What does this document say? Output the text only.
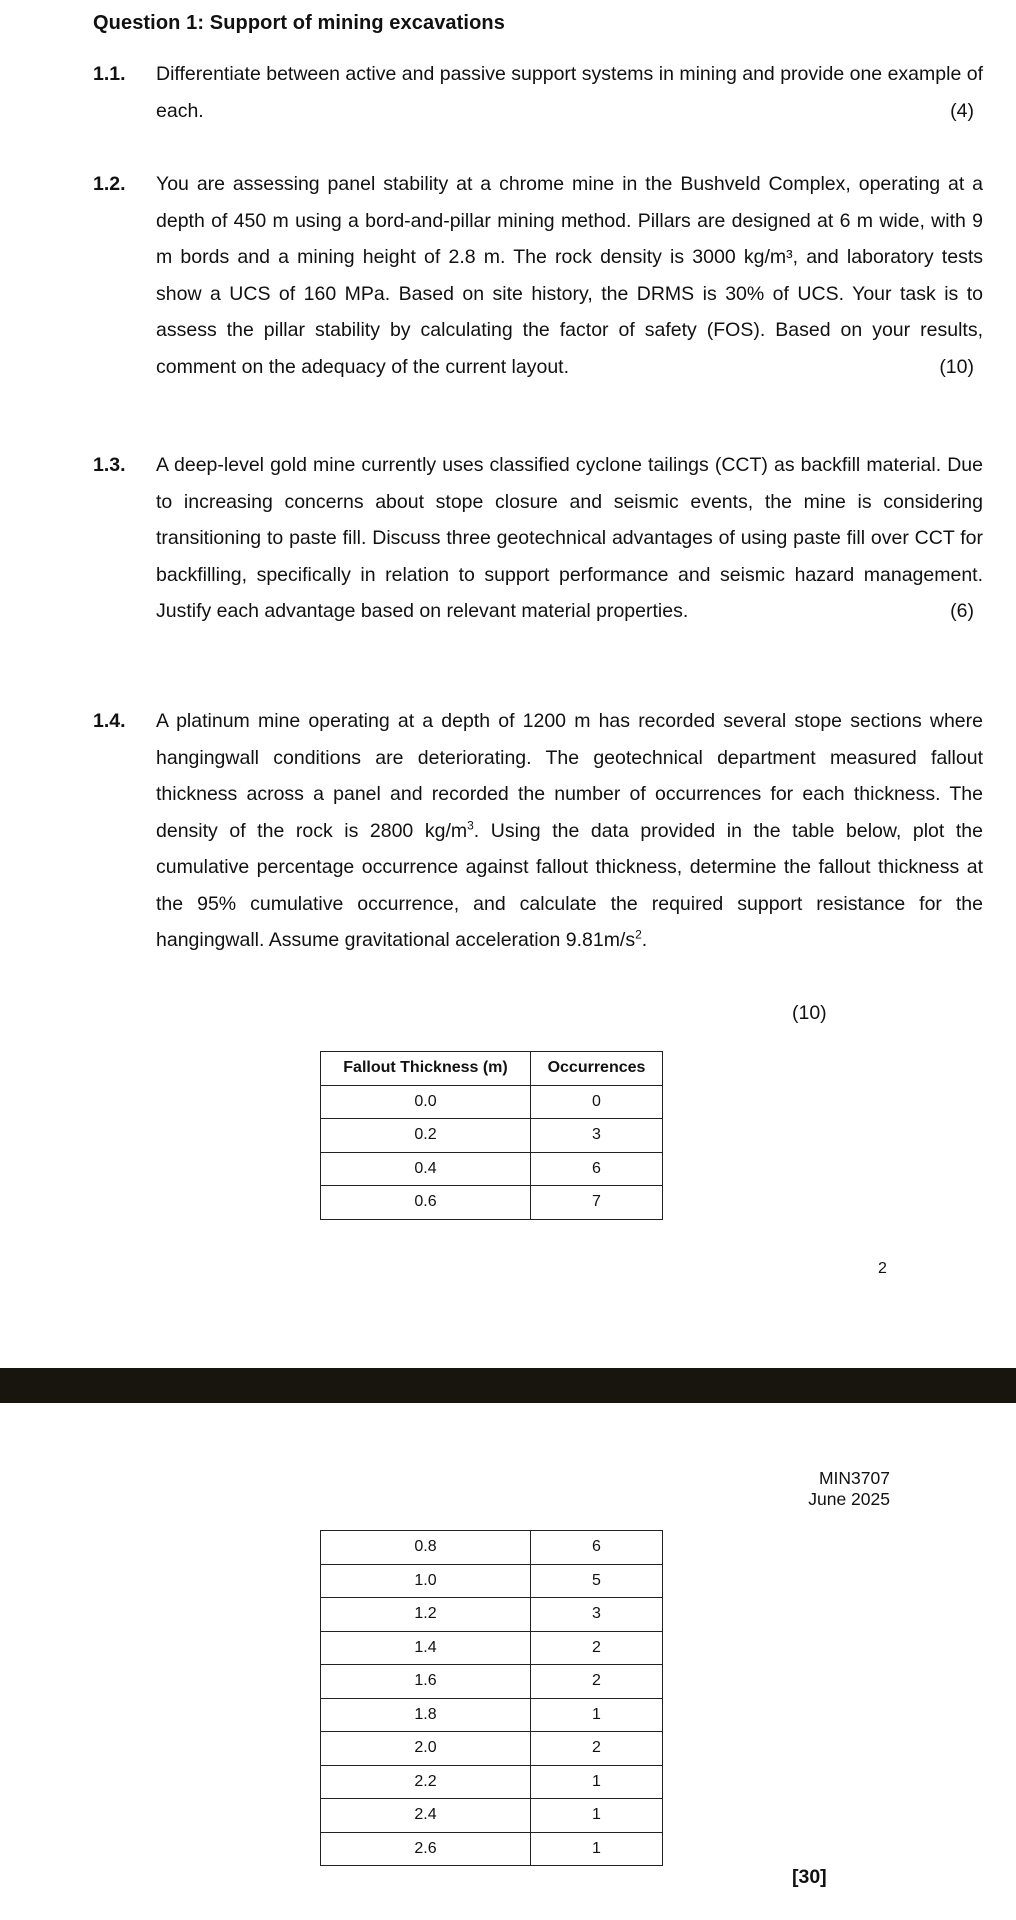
Question 1: Support of mining excavations
1.1. Differentiate between active and passive support systems in mining and provide one example of each.	(4)
1.2. You are assessing panel stability at a chrome mine in the Bushveld Complex, operating at a depth of 450 m using a bord-and-pillar mining method. Pillars are designed at 6 m wide, with 9 m bords and a mining height of 2.8 m. The rock density is 3000 kg/m³, and laboratory tests show a UCS of 160 MPa. Based on site history, the DRMS is 30% of UCS. Your task is to assess the pillar stability by calculating the factor of safety (FOS). Based on your results, comment on the adequacy of the current layout.	(10)
1.3. A deep-level gold mine currently uses classified cyclone tailings (CCT) as backfill material. Due to increasing concerns about stope closure and seismic events, the mine is considering transitioning to paste fill. Discuss three geotechnical advantages of using paste fill over CCT for backfilling, specifically in relation to support performance and seismic hazard management. Justify each advantage based on relevant material properties.	(6)
1.4. A platinum mine operating at a depth of 1200 m has recorded several stope sections where hangingwall conditions are deteriorating. The geotechnical department measured fallout thickness across a panel and recorded the number of occurrences for each thickness. The density of the rock is 2800 $kg/m^3$. Using the data provided in the table below, plot the cumulative percentage occurrence against fallout thickness, determine the fallout thickness at the 95% cumulative occurrence, and calculate the required support resistance for the hangingwall. Assume gravitational acceleration $9.81m/s^2$.
(10)
Fallout Thickness (m)	Occurrences
0.0	0
0.2	3
0.4	6
0.6	7
2
MIN3707
June 2025
0.8	6
1.0	5
1.2	3
1.4	2
1.6	2
1.8	1
2.0	2
2.2	1
2.4	1
2.6	1
[30]
